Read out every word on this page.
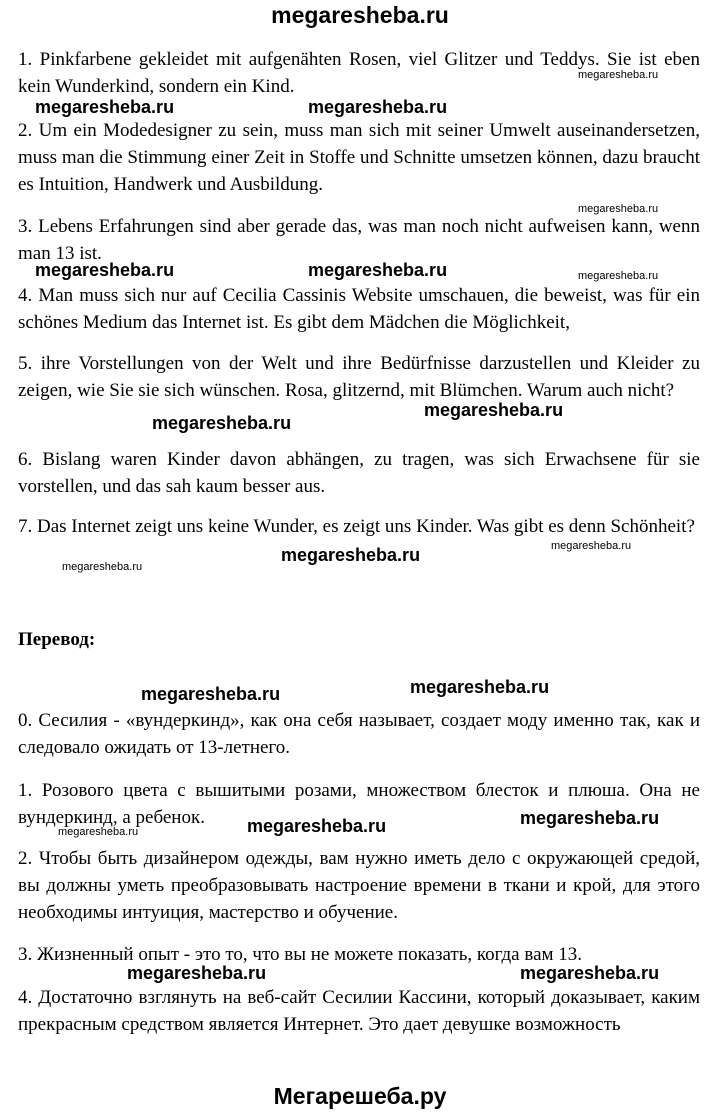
megaresheba.ru
1. Pinkfarbene gekleidet mit aufgenähten Rosen, viel Glitzer und Teddys. Sie ist eben kein Wunderkind, sondern ein Kind.
2. Um ein Modedesigner zu sein, muss man sich mit seiner Umwelt auseinandersetzen, muss man die Stimmung einer Zeit in Stoffe und Schnitte umsetzen können, dazu braucht es Intuition, Handwerk und Ausbildung.
3. Lebens Erfahrungen sind aber gerade das, was man noch nicht aufweisen kann, wenn man 13 ist.
4. Man muss sich nur auf Cecilia Cassinis Website umschauen, die beweist, was für ein schönes Medium das Internet ist. Es gibt dem Mädchen die Möglichkeit,
5. ihre Vorstellungen von der Welt und ihre Bedürfnisse darzustellen und Kleider zu zeigen, wie Sie sie sich wünschen. Rosa, glitzernd, mit Blümchen. Warum auch nicht?
6. Bislang waren Kinder davon abhängen, zu tragen, was sich Erwachsene für sie vorstellen, und das sah kaum besser aus.
7. Das Internet zeigt uns keine Wunder, es zeigt uns Kinder. Was gibt es denn Schönheit?
Перевод:
0. Сесилия - «вундеркинд», как она себя называет, создает моду именно так, как и следовало ожидать от 13-летнего.
1. Розового цвета с вышитыми розами, множеством блесток и плюша. Она не вундеркинд, а ребенок.
2. Чтобы быть дизайнером одежды, вам нужно иметь дело с окружающей средой, вы должны уметь преобразовывать настроение времени в ткани и крой, для этого необходимы интуиция, мастерство и обучение.
3. Жизненный опыт - это то, что вы не можете показать, когда вам 13.
4. Достаточно взглянуть на веб-сайт Сесилии Кассини, который доказывает, каким прекрасным средством является Интернет. Это дает девушке возможность
megaresheba.ru	megaresheba.ru
megaresheba.ru	megaresheba.ru
megaresheba.ru
megaresheba.ru
megaresheba.ru
megaresheba.ru
megaresheba.ru
megaresheba.ru	megaresheba.ru
megaresheba.ru	megaresheba.ru
megaresheba.ru
megaresheba.ru
megaresheba.ru
megaresheba.ru
megaresheba.ru
megaresheba.ru
Мегарешеба.ру
